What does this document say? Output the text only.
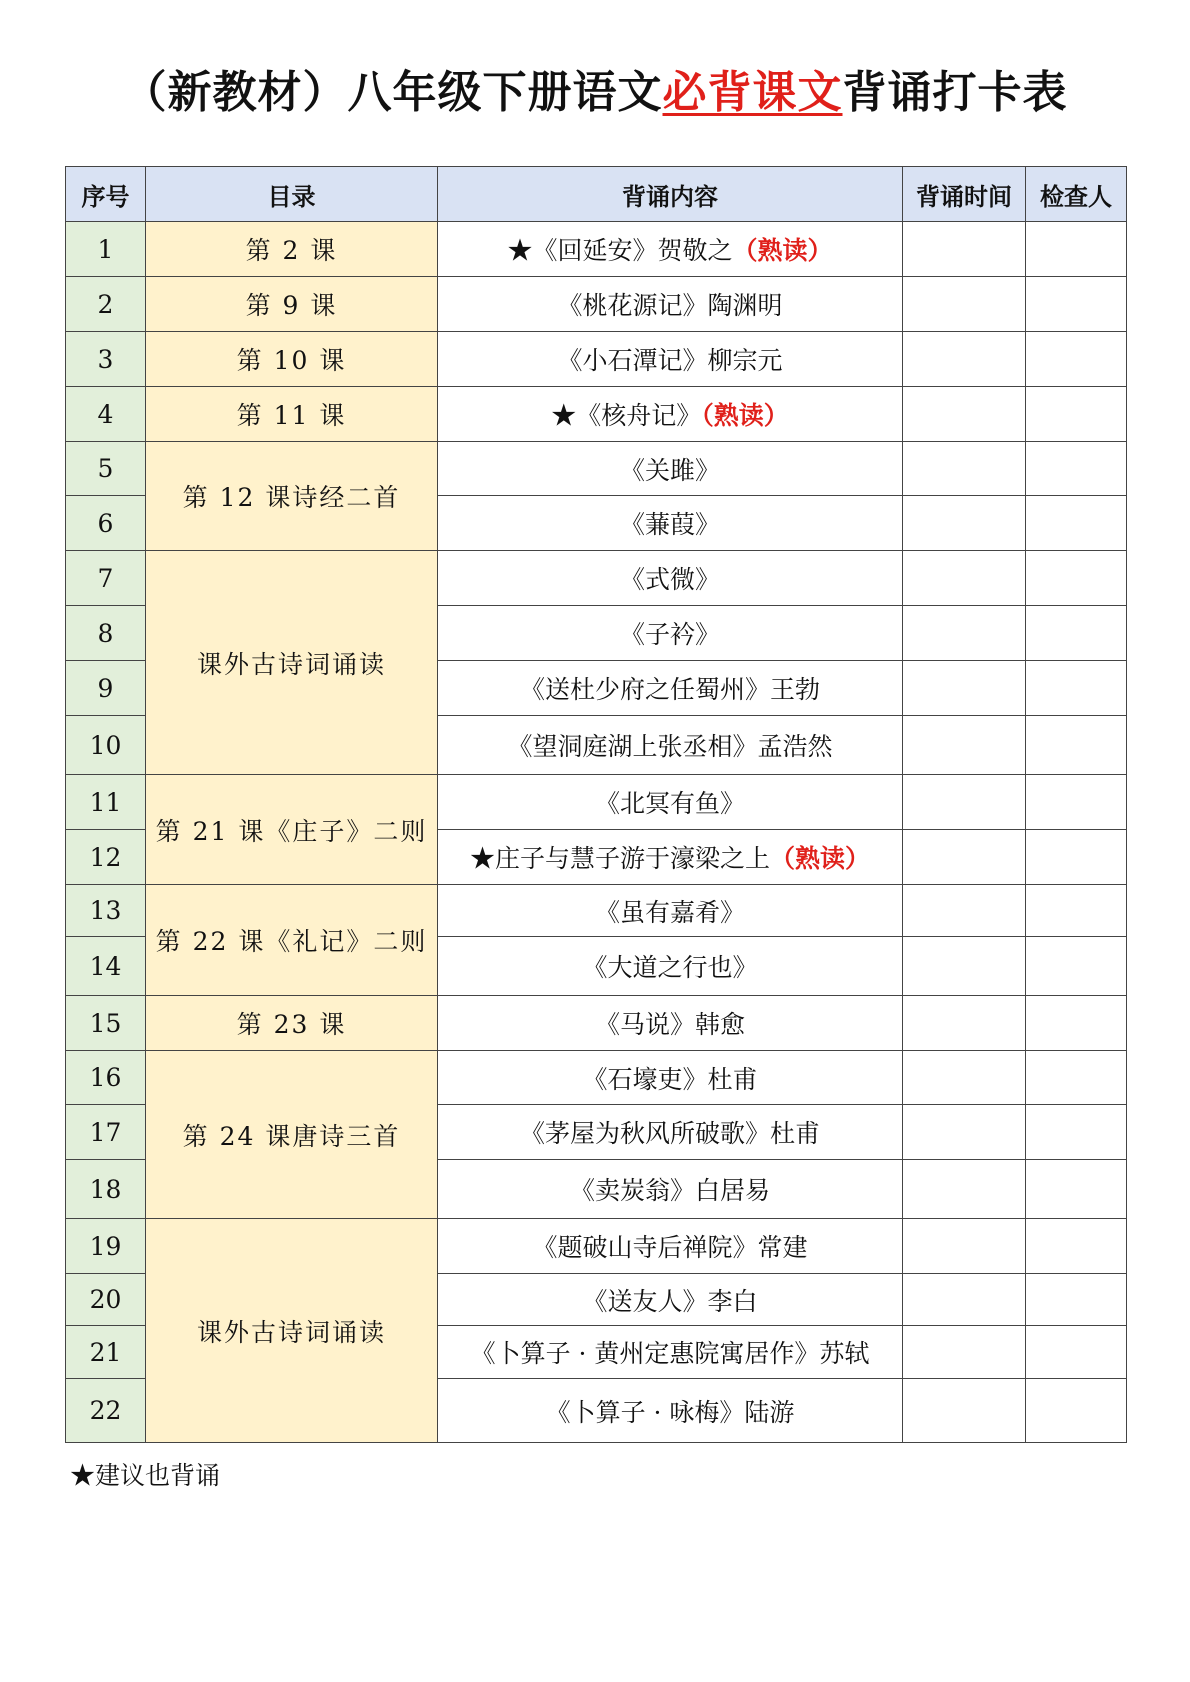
（新教材）八年级下册语文必背课文背诵打卡表
序号	目录	背诵内容	背诵时间	检查人
1	第 2 课	★《回延安》贺敬之（熟读）		
2	第 9 课	《桃花源记》陶渊明		
3	第 10 课	《小石潭记》柳宗元		
4	第 11 课	★《核舟记》（熟读）		
5	第 12 课诗经二首	《关雎》		
6		《蒹葭》		
7	课外古诗词诵读	《式微》		
8		《子衿》		
9		《送杜少府之任蜀州》王勃		
10		《望洞庭湖上张丞相》孟浩然		
11	第 21 课《庄子》二则	《北冥有鱼》		
12		★庄子与慧子游于濠梁之上（熟读）		
13	第 22 课《礼记》二则	《虽有嘉肴》		
14		《大道之行也》		
15	第 23 课	《马说》韩愈		
16	第 24 课唐诗三首	《石壕吏》杜甫		
17		《茅屋为秋风所破歌》杜甫		
18		《卖炭翁》白居易		
19	课外古诗词诵读	《题破山寺后禅院》常建		
20		《送友人》李白		
21		《卜算子 · 黄州定惠院寓居作》苏轼		
22		《卜算子 · 咏梅》陆游		
★建议也背诵
